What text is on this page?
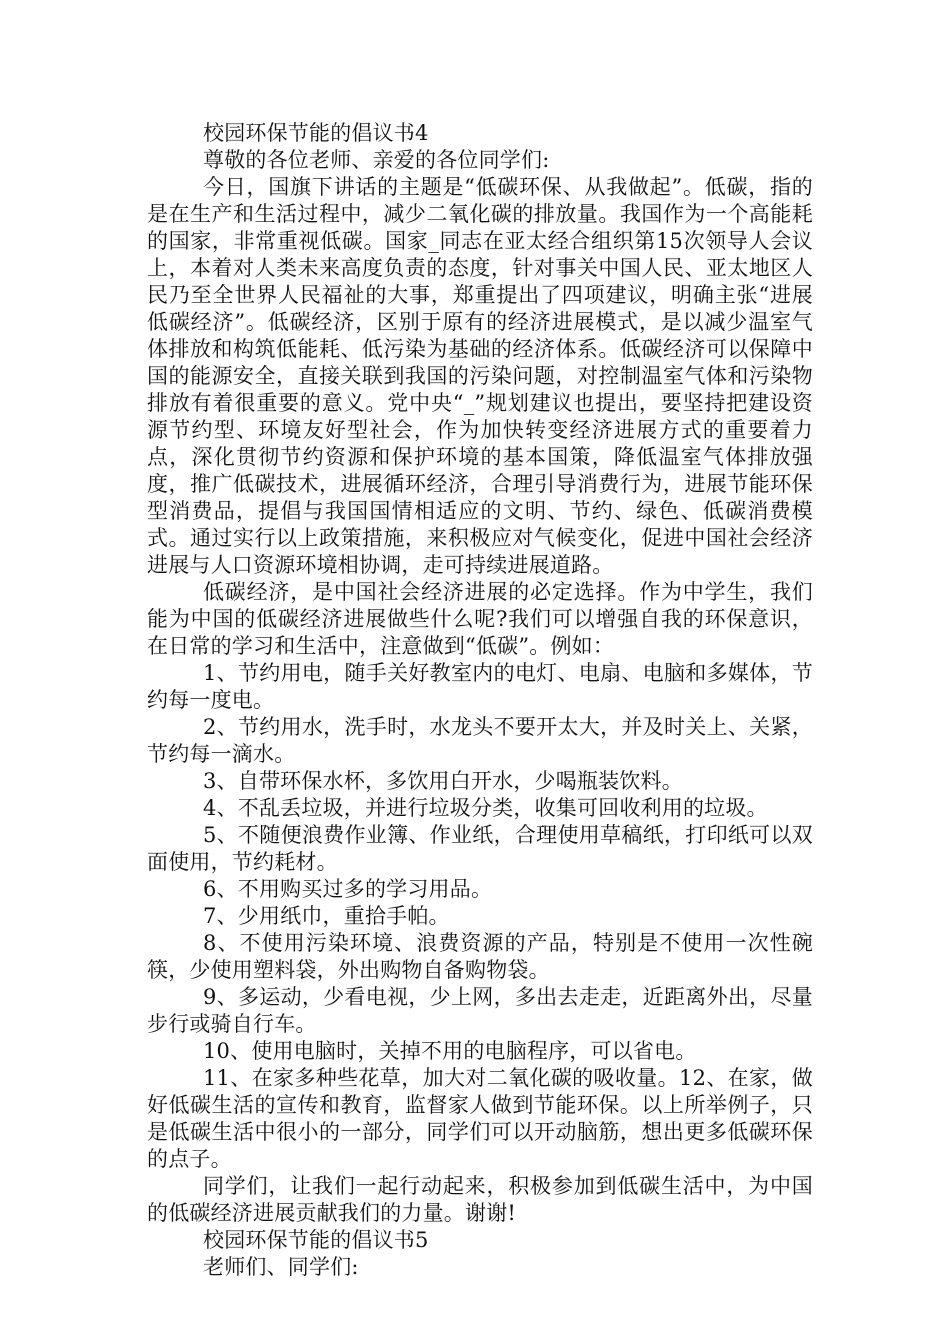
校园环保节能的倡议书4

尊敬的各位老师、亲爱的各位同学们:

今日，国旗下讲话的主题是“低碳环保、从我做起”。低碳，指的是在生产和生活过程中，减少二氧化碳的排放量。我国作为一个高能耗的国家，非常重视低碳。国家_同志在亚太经合组织第15次领导人会议上，本着对人类未来高度负责的态度，针对事关中国人民、亚太地区人民乃至全世界人民福祉的大事，郑重提出了四项建议，明确主张“进展低碳经济”。低碳经济，区别于原有的经济进展模式，是以减少温室气体排放和构筑低能耗、低污染为基础的经济体系。低碳经济可以保障中国的能源安全，直接关联到我国的污染问题，对控制温室气体和污染物排放有着很重要的意义。党中央“_”规划建议也提出，要坚持把建设资源节约型、环境友好型社会，作为加快转变经济进展方式的重要着力点，深化贯彻节约资源和保护环境的基本国策，降低温室气体排放强度，推广低碳技术，进展循环经济，合理引导消费行为，进展节能环保型消费品，提倡与我国国情相适应的文明、节约、绿色、低碳消费模式。通过实行以上政策措施，来积极应对气候变化，促进中国社会经济进展与人口资源环境相协调，走可持续进展道路。

低碳经济，是中国社会经济进展的必定选择。作为中学生，我们能为中国的低碳经济进展做些什么呢?我们可以增强自我的环保意识，在日常的学习和生活中，注意做到“低碳”。例如：

1、节约用电，随手关好教室内的电灯、电扇、电脑和多媒体，节约每一度电。

2、节约用水，洗手时，水龙头不要开太大，并及时关上、关紧，节约每一滴水。

3、自带环保水杯，多饮用白开水，少喝瓶装饮料。

4、不乱丢垃圾，并进行垃圾分类，收集可回收利用的垃圾。

5、不随便浪费作业簿、作业纸，合理使用草稿纸，打印纸可以双面使用，节约耗材。

6、不用购买过多的学习用品。

7、少用纸巾，重拾手帕。

8、不使用污染环境、浪费资源的产品，特别是不使用一次性碗筷，少使用塑料袋，外出购物自备购物袋。

9、多运动，少看电视，少上网，多出去走走，近距离外出，尽量步行或骑自行车。

10、使用电脑时，关掉不用的电脑程序，可以省电。

11、在家多种些花草，加大对二氧化碳的吸收量。12、在家，做好低碳生活的宣传和教育，监督家人做到节能环保。以上所举例子，只是低碳生活中很小的一部分，同学们可以开动脑筋，想出更多低碳环保的点子。

同学们，让我们一起行动起来，积极参加到低碳生活中，为中国的低碳经济进展贡献我们的力量。谢谢!

校园环保节能的倡议书5

老师们、同学们:
